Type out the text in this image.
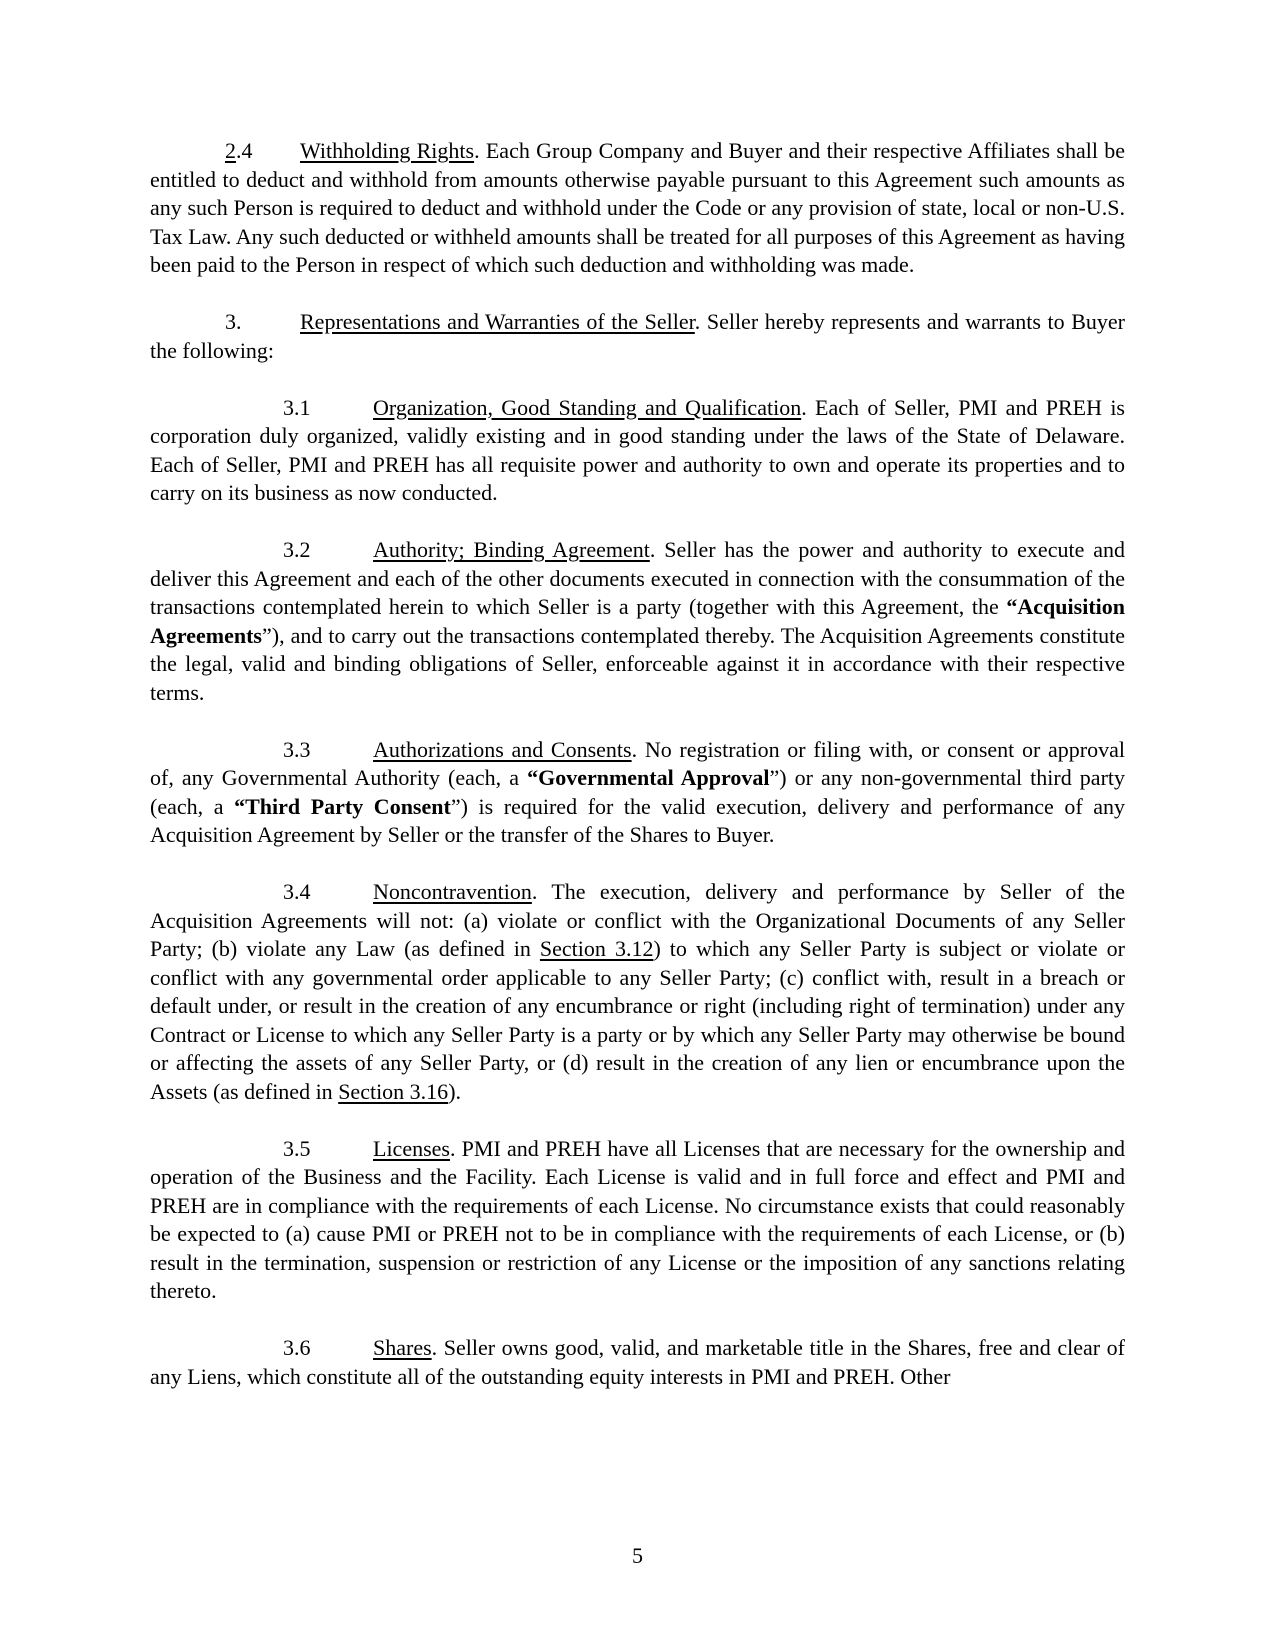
2.4 Withholding Rights. Each Group Company and Buyer and their respective Affiliates shall be entitled to deduct and withhold from amounts otherwise payable pursuant to this Agreement such amounts as any such Person is required to deduct and withhold under the Code or any provision of state, local or non-U.S. Tax Law. Any such deducted or withheld amounts shall be treated for all purposes of this Agreement as having been paid to the Person in respect of which such deduction and withholding was made.

3.	Representations and Warranties of the Seller. Seller hereby represents and warrants to Buyer the following:

3.1	Organization, Good Standing and Qualification. Each of Seller, PMI and PREH is corporation duly organized, validly existing and in good standing under the laws of the State of Delaware. Each of Seller, PMI and PREH has all requisite power and authority to own and operate its properties and to carry on its business as now conducted.

3.2	Authority; Binding Agreement. Seller has the power and authority to execute and deliver this Agreement and each of the other documents executed in connection with the consummation of the transactions contemplated herein to which Seller is a party (together with this Agreement, the “Acquisition Agreements”), and to carry out the transactions contemplated thereby. The Acquisition Agreements constitute the legal, valid and binding obligations of Seller, enforceable against it in accordance with their respective terms.

3.3	Authorizations and Consents. No registration or filing with, or consent or approval of, any Governmental Authority (each, a “Governmental Approval”) or any non-governmental third party (each, a “Third Party Consent”) is required for the valid execution, delivery and performance of any Acquisition Agreement by Seller or the transfer of the Shares to Buyer.

3.4	Noncontravention. The execution, delivery and performance by Seller of the Acquisition Agreements will not: (a) violate or conflict with the Organizational Documents of any Seller Party; (b) violate any Law (as defined in Section 3.12) to which any Seller Party is subject or violate or conflict with any governmental order applicable to any Seller Party; (c) conflict with, result in a breach or default under, or result in the creation of any encumbrance or right (including right of termination) under any Contract or License to which any Seller Party is a party or by which any Seller Party may otherwise be bound or affecting the assets of any Seller Party, or (d) result in the creation of any lien or encumbrance upon the Assets (as defined in Section 3.16).

3.5	Licenses. PMI and PREH have all Licenses that are necessary for the ownership and operation of the Business and the Facility. Each License is valid and in full force and effect and PMI and PREH are in compliance with the requirements of each License. No circumstance exists that could reasonably be expected to (a) cause PMI or PREH not to be in compliance with the requirements of each License, or (b) result in the termination, suspension or restriction of any License or the imposition of any sanctions relating thereto.

3.6	Shares. Seller owns good, valid, and marketable title in the Shares, free and clear of any Liens, which constitute all of the outstanding equity interests in PMI and PREH. Other

5
